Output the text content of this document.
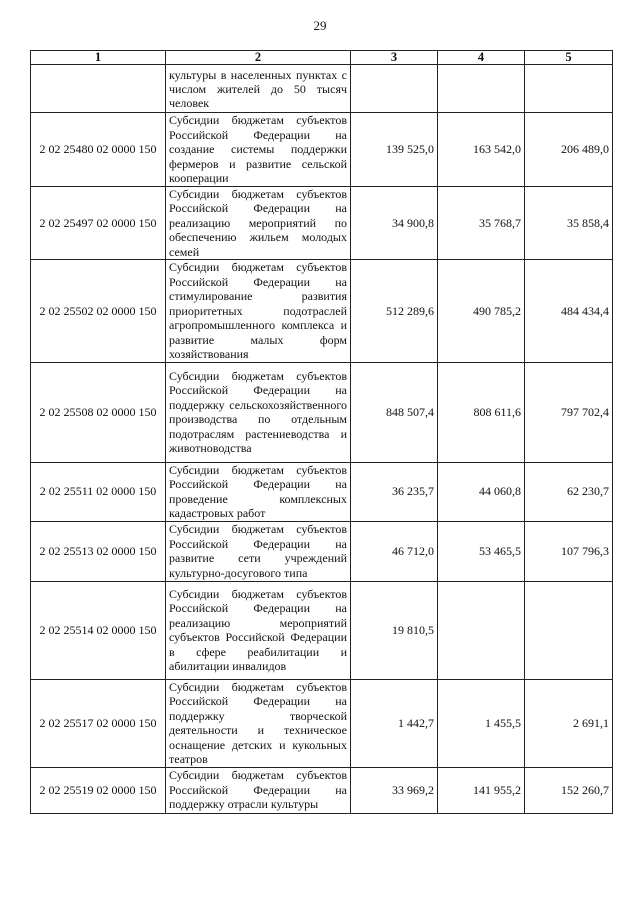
29
1	2	3	4	5
	культуры в населенных пунктах с числом жителей до 50 тысяч человек			
2 02 25480 02 0000 150	Субсидии бюджетам субъектов Российской Федерации на создание системы поддержки фермеров и развитие сельской кооперации	139 525,0	163 542,0	206 489,0
2 02 25497 02 0000 150	Субсидии бюджетам субъектов Российской Федерации на реализацию мероприятий по обеспечению жильем молодых семей	34 900,8	35 768,7	35 858,4
2 02 25502 02 0000 150	Субсидии бюджетам субъектов Российской Федерации на стимулирование развития приоритетных подотраслей агропромышленного комплекса и развитие малых форм хозяйствования	512 289,6	490 785,2	484 434,4
2 02 25508 02 0000 150	Субсидии бюджетам субъектов Российской Федерации на поддержку сельскохозяйственного производства по отдельным подотраслям растениеводства и животноводства	848 507,4	808 611,6	797 702,4
2 02 25511 02 0000 150	Субсидии бюджетам субъектов Российской Федерации на проведение комплексных кадастровых работ	36 235,7	44 060,8	62 230,7
2 02 25513 02 0000 150	Субсидии бюджетам субъектов Российской Федерации на развитие сети учреждений культурно-досугового типа	46 712,0	53 465,5	107 796,3
2 02 25514 02 0000 150	Субсидии бюджетам субъектов Российской Федерации на реализацию мероприятий субъектов Российской Федерации в сфере реабилитации и абилитации инвалидов	19 810,5		
2 02 25517 02 0000 150	Субсидии бюджетам субъектов Российской Федерации на поддержку творческой деятельности и техническое оснащение детских и кукольных театров	1 442,7	1 455,5	2 691,1
2 02 25519 02 0000 150	Субсидии бюджетам субъектов Российской Федерации на поддержку отрасли культуры	33 969,2	141 955,2	152 260,7
